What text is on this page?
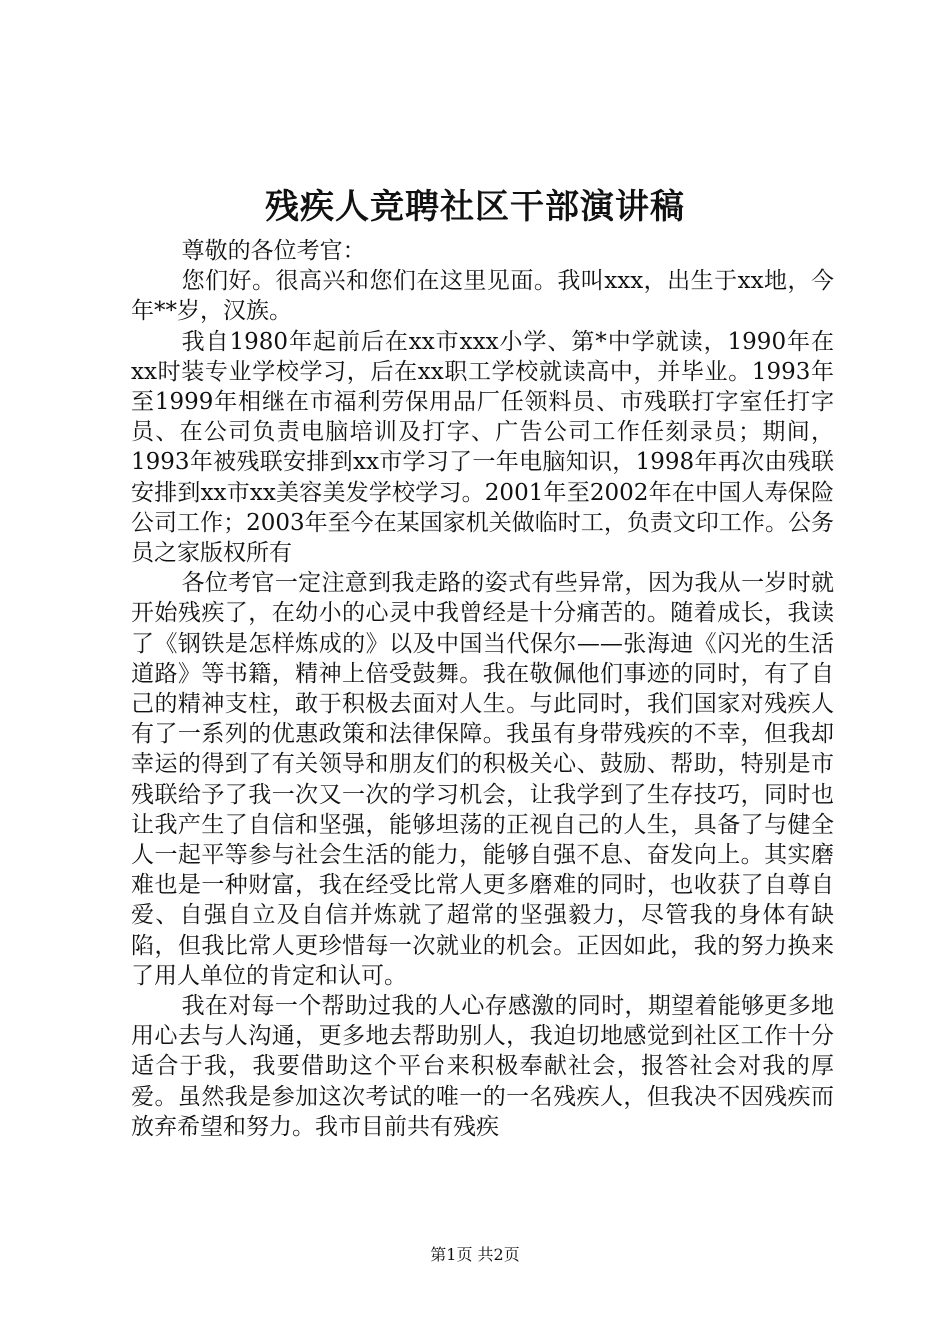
残疾人竞聘社区干部演讲稿

尊敬的各位考官：

您们好。很高兴和您们在这里见面。我叫xxx，出生于xx地，今年**岁，汉族。

我自1980年起前后在xx市xxx小学、第*中学就读，1990年在xx时装专业学校学习，后在xx职工学校就读高中，并毕业。1993年至1999年相继在市福利劳保用品厂任领料员、市残联打字室任打字员、在公司负责电脑培训及打字、广告公司工作任刻录员；期间，1993年被残联安排到xx市学习了一年电脑知识，1998年再次由残联安排到xx市xx美容美发学校学习。2001年至2002年在中国人寿保险公司工作；2003年至今在某国家机关做临时工，负责文印工作。公务员之家版权所有

各位考官一定注意到我走路的姿式有些异常，因为我从一岁时就开始残疾了，在幼小的心灵中我曾经是十分痛苦的。随着成长，我读了《钢铁是怎样炼成的》以及中国当代保尔——张海迪《闪光的生活道路》等书籍，精神上倍受鼓舞。我在敬佩他们事迹的同时，有了自己的精神支柱，敢于积极去面对人生。与此同时，我们国家对残疾人有了一系列的优惠政策和法律保障。我虽有身带残疾的不幸，但我却幸运的得到了有关领导和朋友们的积极关心、鼓励、帮助，特别是市残联给予了我一次又一次的学习机会，让我学到了生存技巧，同时也让我产生了自信和坚强，能够坦荡的正视自己的人生，具备了与健全人一起平等参与社会生活的能力，能够自强不息、奋发向上。其实磨难也是一种财富，我在经受比常人更多磨难的同时，也收获了自尊自爱、自强自立及自信并炼就了超常的坚强毅力，尽管我的身体有缺陷，但我比常人更珍惜每一次就业的机会。正因如此，我的努力换来了用人单位的肯定和认可。

我在对每一个帮助过我的人心存感激的同时，期望着能够更多地用心去与人沟通，更多地去帮助别人，我迫切地感觉到社区工作十分适合于我，我要借助这个平台来积极奉献社会，报答社会对我的厚爱。虽然我是参加这次考试的唯一的一名残疾人，但我决不因残疾而放弃希望和努力。我市目前共有残疾

第1页 共2页
